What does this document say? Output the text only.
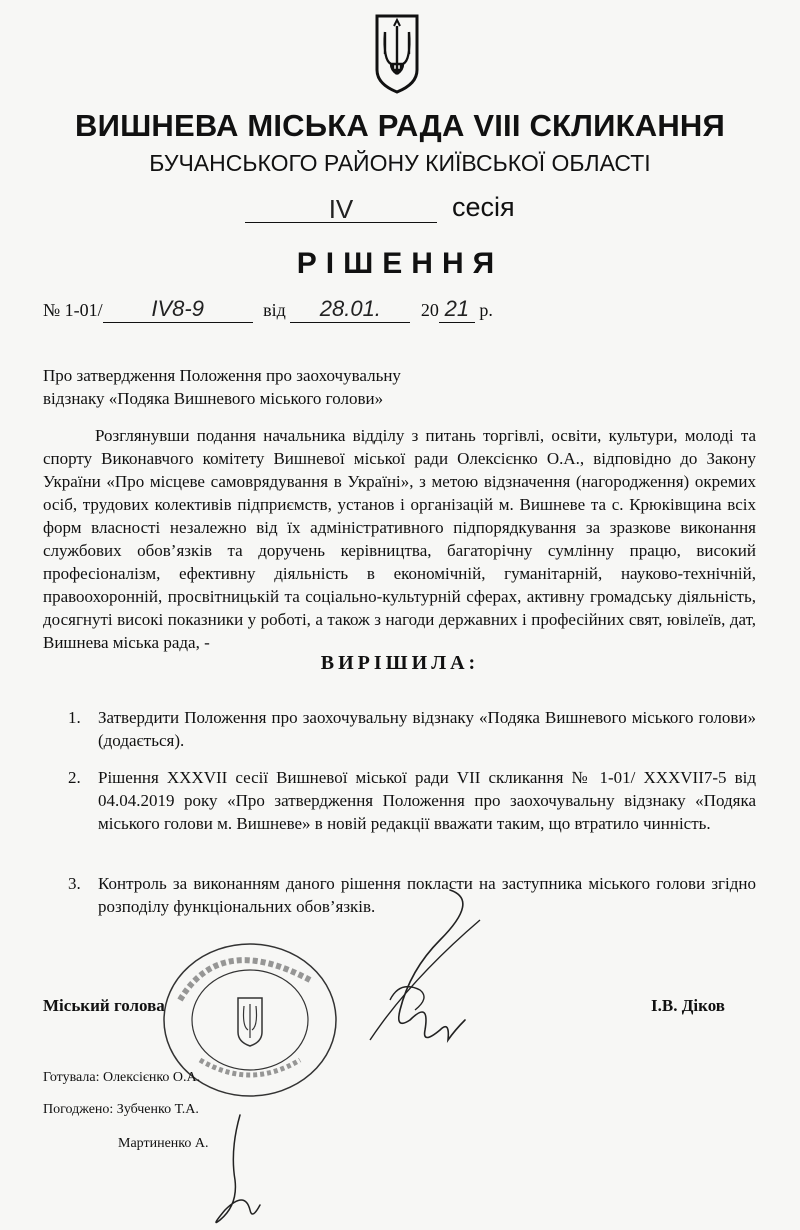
ВИШНЕВА МІСЬКА РАДА VIII СКЛИКАННЯ
БУЧАНСЬКОГО РАЙОНУ КИЇВСЬКОЇ ОБЛАСТІ
IV	сесія
РІШЕННЯ
№ 1-01/ IV8-9	від 28.01. 20 21 р.
Про затвердження Положення про заохочувальну
відзнаку «Подяка Вишневого міського голови»
Розглянувши подання начальника відділу з питань торгівлі, освіти, культури, молоді та спорту Виконавчого комітету Вишневої міської ради Олексієнко О.А., відповідно до Закону України «Про місцеве самоврядування в Україні», з метою відзначення (нагородження) окремих осіб, трудових колективів підприємств, установ і організацій м. Вишневе та с. Крюківщина всіх форм власності незалежно від їх адміністративного підпорядкування за зразкове виконання службових обов’язків та доручень керівництва, багаторічну сумлінну працю, високий професіоналізм, ефективну діяльність в економічній, гуманітарній, науково-технічній, правоохоронній, просвітницькій та соціально-культурній сферах, активну громадську діяльність, досягнуті високі показники у роботі, а також з нагоди державних і професійних свят, ювілеїв, дат, Вишнева міська рада, -
ВИРІШИЛА:
1. Затвердити Положення про заохочувальну відзнаку «Подяка Вишневого міського голови» (додається).
2. Рішення XXXVII сесії Вишневої міської ради VII скликання № 1-01/ XXXVII7-5 від 04.04.2019 року «Про затвердження Положення про заохочувальну відзнаку «Подяка міського голови м. Вишневе» в новій редакції вважати таким, що втратило чинність.
3. Контроль за виконанням даного рішення покласти на заступника міського голови згідно розподілу функціональних обов’язків.
Міський голова	І.В. Діков
Готувала: Олексієнко О.А.
Погоджено: Зубченко Т.А.
Мартиненко А.
